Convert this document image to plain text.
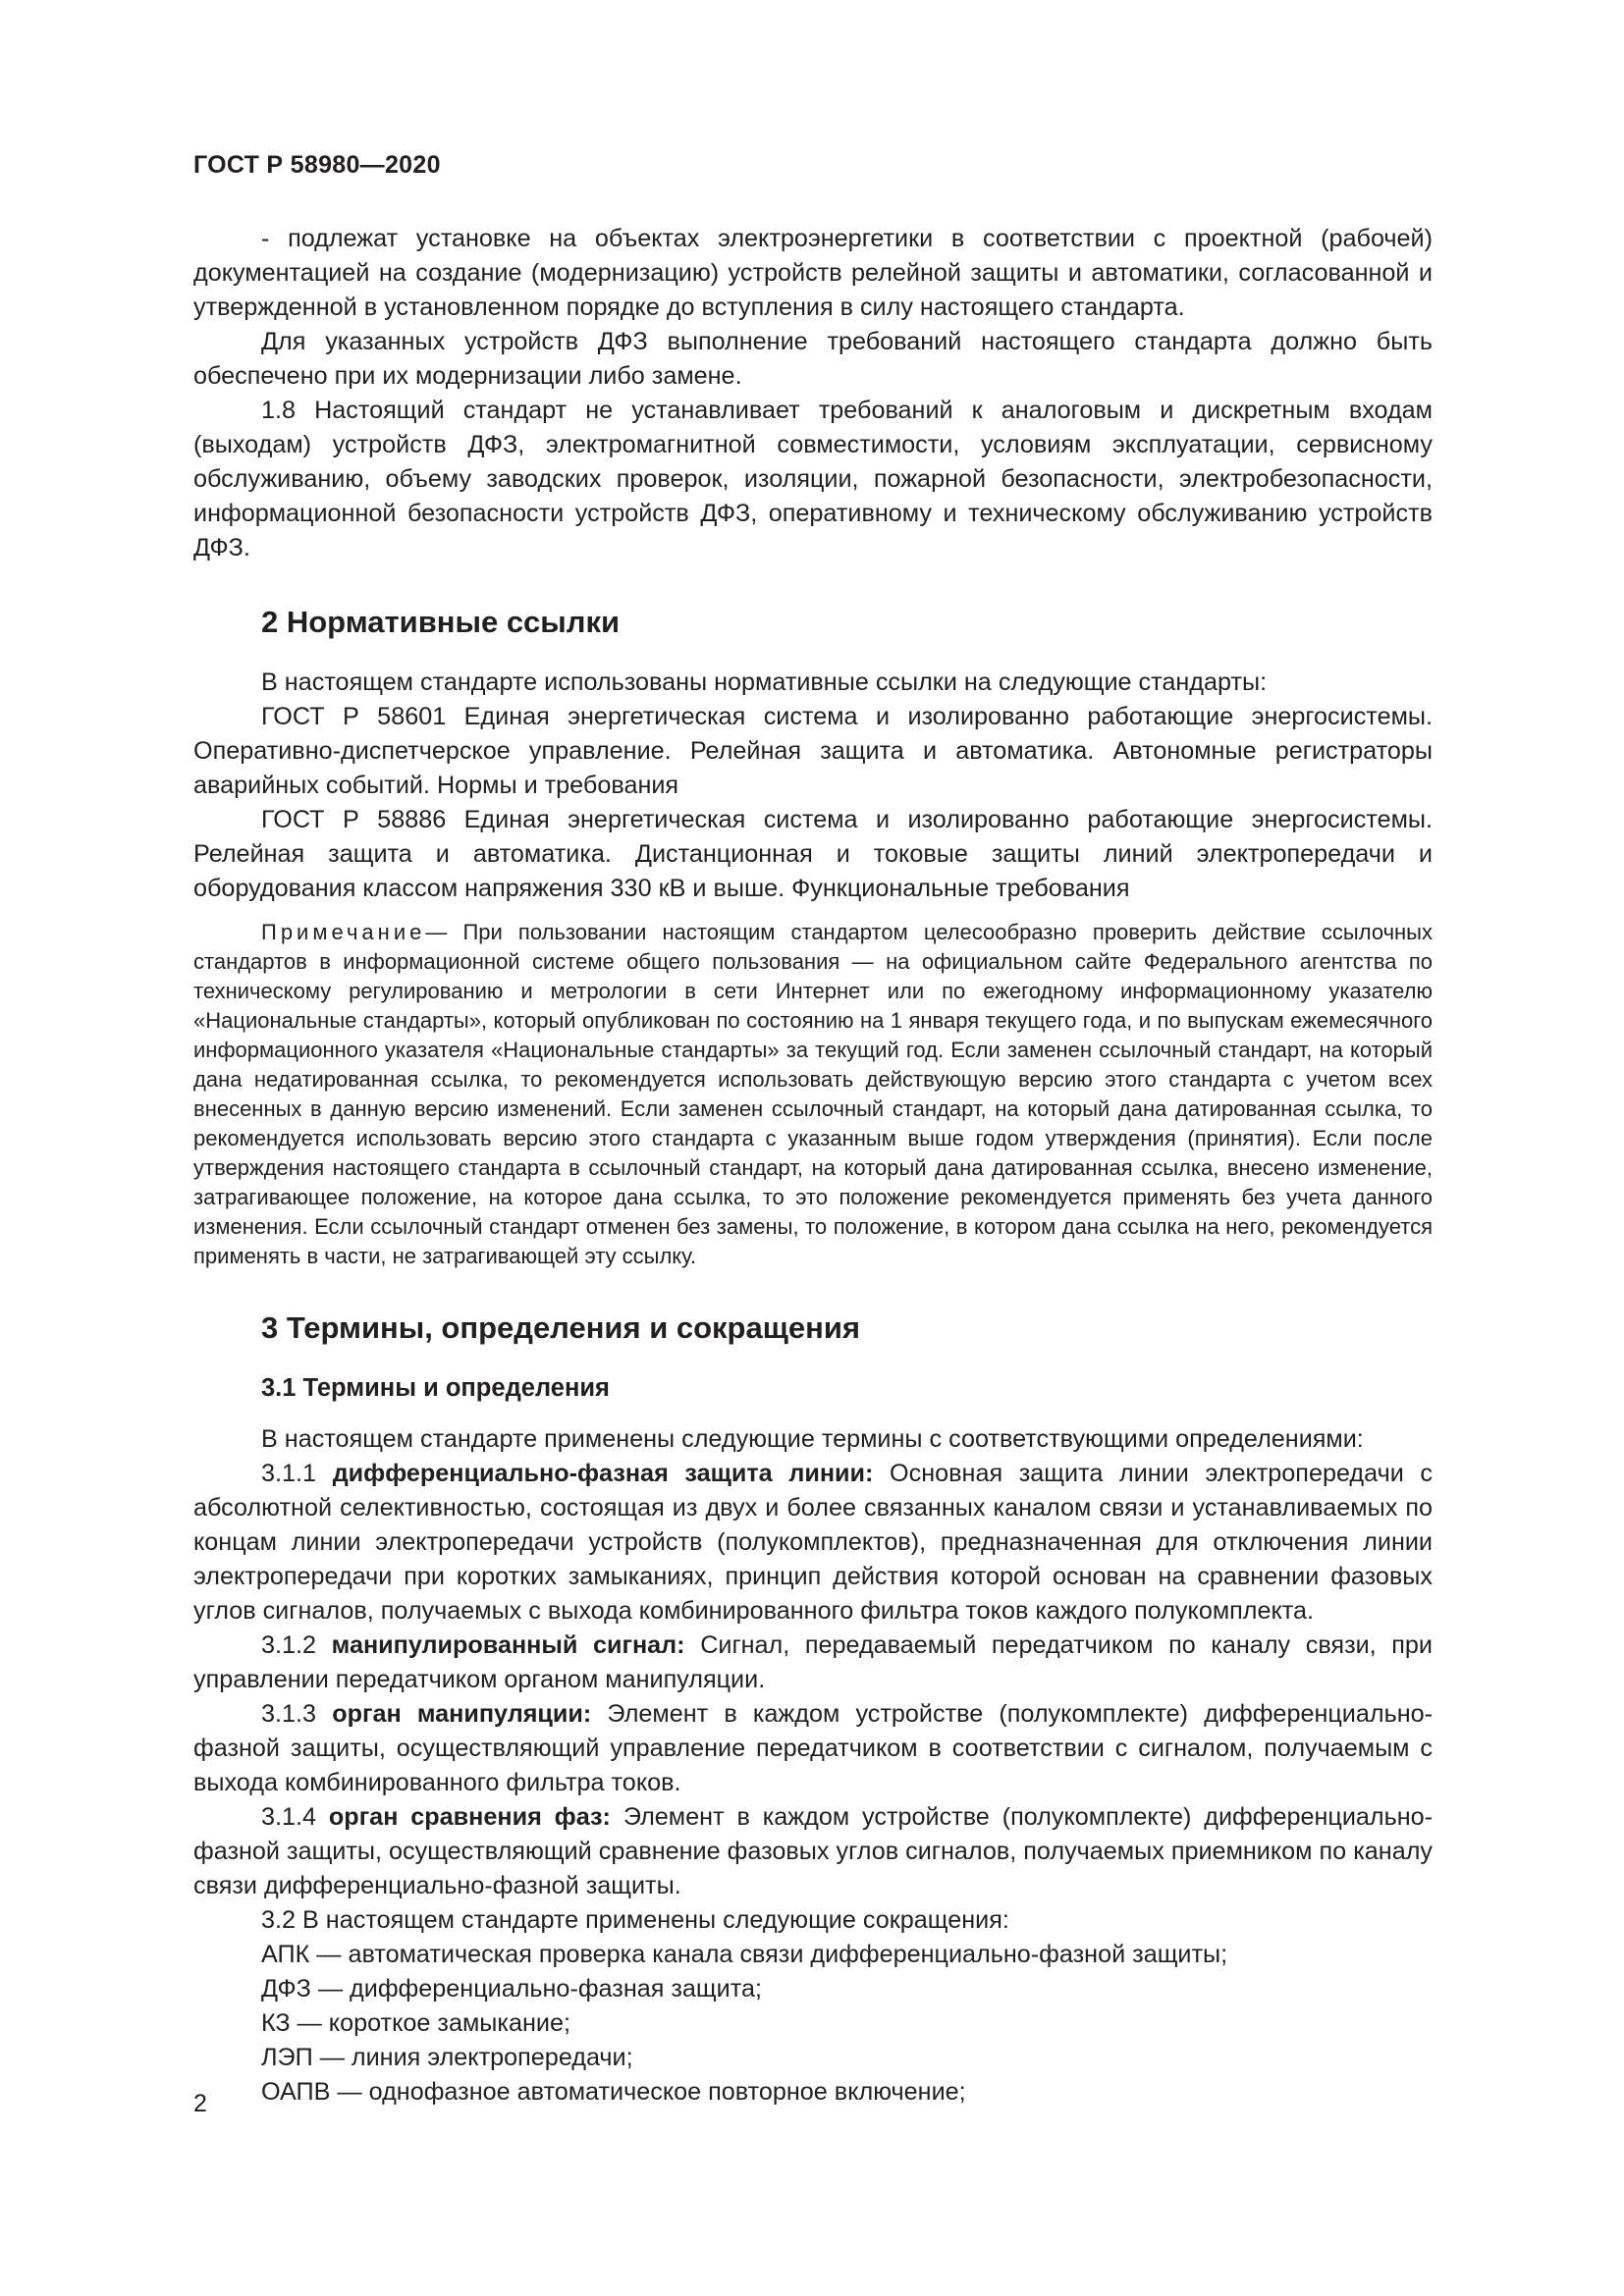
ГОСТ Р 58980—2020

- подлежат установке на объектах электроэнергетики в соответствии с проектной (рабочей) документацией на создание (модернизацию) устройств релейной защиты и автоматики, согласованной и утвержденной в установленном порядке до вступления в силу настоящего стандарта.

Для указанных устройств ДФЗ выполнение требований настоящего стандарта должно быть обеспечено при их модернизации либо замене.

1.8 Настоящий стандарт не устанавливает требований к аналоговым и дискретным входам (выходам) устройств ДФЗ, электромагнитной совместимости, условиям эксплуатации, сервисному обслуживанию, объему заводских проверок, изоляции, пожарной безопасности, электробезопасности, информационной безопасности устройств ДФЗ, оперативному и техническому обслуживанию устройств ДФЗ.

2 Нормативные ссылки

В настоящем стандарте использованы нормативные ссылки на следующие стандарты:

ГОСТ Р 58601 Единая энергетическая система и изолированно работающие энергосистемы. Оперативно-диспетчерское управление. Релейная защита и автоматика. Автономные регистраторы аварийных событий. Нормы и требования

ГОСТ Р 58886 Единая энергетическая система и изолированно работающие энергосистемы. Релейная защита и автоматика. Дистанционная и токовые защиты линий электропередачи и оборудования классом напряжения 330 кВ и выше. Функциональные требования

Примечание— При пользовании настоящим стандартом целесообразно проверить действие ссылочных стандартов в информационной системе общего пользования — на официальном сайте Федерального агентства по техническому регулированию и метрологии в сети Интернет или по ежегодному информационному указателю «Национальные стандарты», который опубликован по состоянию на 1 января текущего года, и по выпускам ежемесячного информационного указателя «Национальные стандарты» за текущий год. Если заменен ссылочный стандарт, на который дана недатированная ссылка, то рекомендуется использовать действующую версию этого стандарта с учетом всех внесенных в данную версию изменений. Если заменен ссылочный стандарт, на который дана датированная ссылка, то рекомендуется использовать версию этого стандарта с указанным выше годом утверждения (принятия). Если после утверждения настоящего стандарта в ссылочный стандарт, на который дана датированная ссылка, внесено изменение, затрагивающее положение, на которое дана ссылка, то это положение рекомендуется применять без учета данного изменения. Если ссылочный стандарт отменен без замены, то положение, в котором дана ссылка на него, рекомендуется применять в части, не затрагивающей эту ссылку.

3 Термины, определения и сокращения
3.1 Термины и определения

В настоящем стандарте применены следующие термины с соответствующими определениями:

3.1.1 дифференциально-фазная защита линии: Основная защита линии электропередачи с абсолютной селективностью, состоящая из двух и более связанных каналом связи и устанавливаемых по концам линии электропередачи устройств (полукомплектов), предназначенная для отключения линии электропередачи при коротких замыканиях, принцип действия которой основан на сравнении фазовых углов сигналов, получаемых с выхода комбинированного фильтра токов каждого полукомплекта.

3.1.2 манипулированный сигнал: Сигнал, передаваемый передатчиком по каналу связи, при управлении передатчиком органом манипуляции.

3.1.3 орган манипуляции: Элемент в каждом устройстве (полукомплекте) дифференциально-фазной защиты, осуществляющий управление передатчиком в соответствии с сигналом, получаемым с выхода комбинированного фильтра токов.

3.1.4 орган сравнения фаз: Элемент в каждом устройстве (полукомплекте) дифференциально-фазной защиты, осуществляющий сравнение фазовых углов сигналов, получаемых приемником по каналу связи дифференциально-фазной защиты.

3.2 В настоящем стандарте применены следующие сокращения:

АПК — автоматическая проверка канала связи дифференциально-фазной защиты;

ДФЗ — дифференциально-фазная защита;

КЗ — короткое замыкание;

ЛЭП — линия электропередачи;

ОАПВ — однофазное автоматическое повторное включение;

2
